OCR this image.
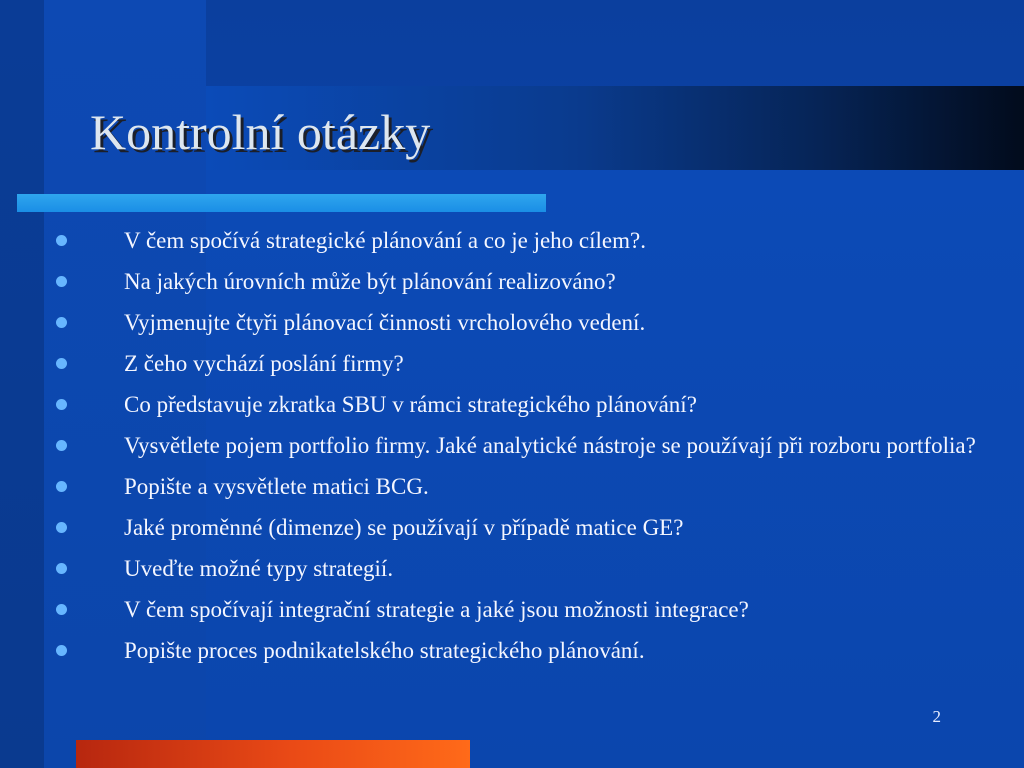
Kontrolní otázky
V čem spočívá strategické plánování a co je jeho cílem?.
Na jakých úrovních může být plánování realizováno?
Vyjmenujte čtyři plánovací činnosti vrcholového vedení.
Z čeho vychází poslání firmy?
Co představuje zkratka SBU v rámci strategického plánování?
Vysvětlete pojem portfolio firmy. Jaké analytické nástroje se používají při rozboru portfolia?
Popište a vysvětlete matici BCG.
Jaké proměnné (dimenze) se používají v případě matice GE?
Uveďte možné typy strategií.
V čem spočívají integrační strategie a jaké jsou možnosti integrace?
Popište proces podnikatelského strategického plánování.
2
